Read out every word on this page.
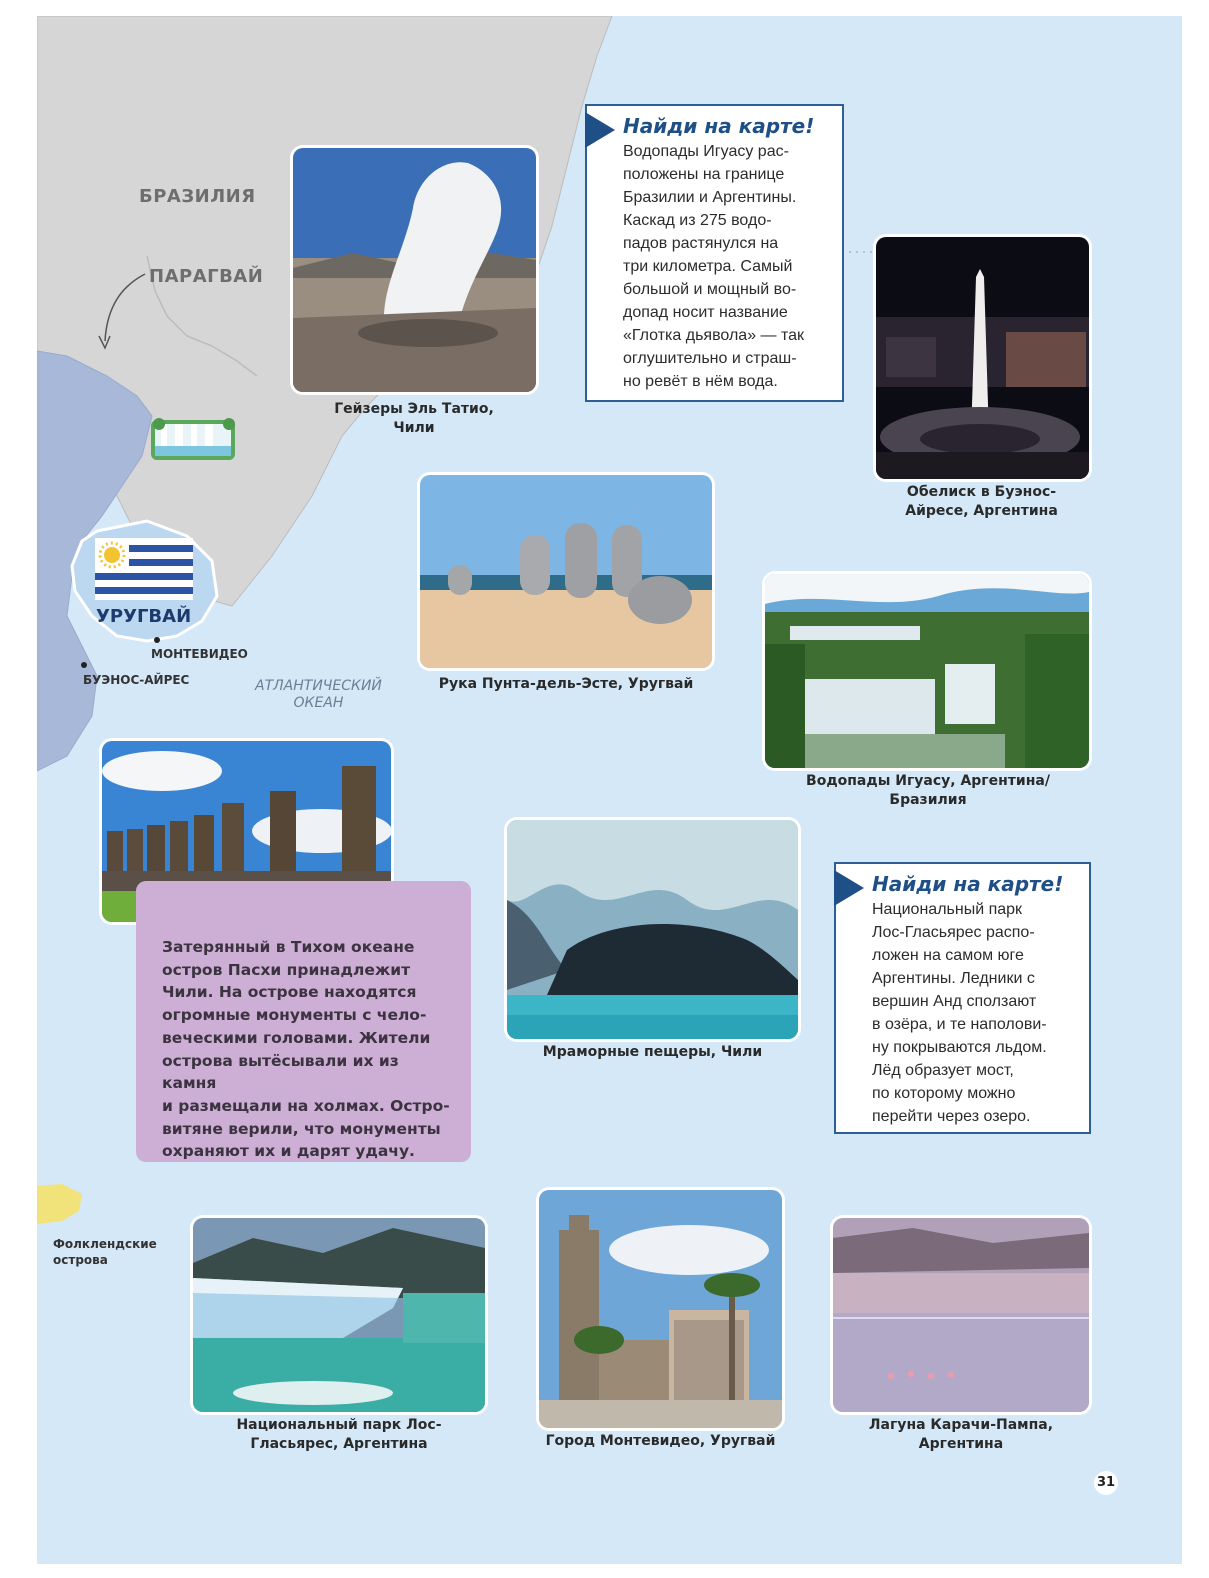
БРАЗИЛИЯ
ПАРАГВАЙ
УРУГВАЙ
МОНТЕВИДЕО
БУЭНОС-АЙРЕС	АТЛАНТИЧЕСКИЙ
ОКЕАН
Фолклендские
острова
Гейзеры Эль Татио,
Чили
Найди на карте!
Водопады Игуасу рас-
положены на границе
Бразилии и Аргентины.
Каскад из 275 водо-
падов растянулся на
три километра. Самый
большой и мощный во-
допад носит название
«Глотка дьявола» — так
оглушительно и страш-
но ревёт в нём вода.
Обелиск в Буэнос-
Айресе, Аргентина
Рука Пунта-дель-Эсте, Уругвай
Водопады Игуасу, Аргентина/
Бразилия
Затерянный в Тихом океане
остров Пасхи принадлежит
Чили. На острове находятся
огромные монументы с чело-
веческими головами. Жители
острова вытёсывали их из камня
и размещали на холмах. Остро-
витяне верили, что монументы
охраняют их и дарят удачу.
Мраморные пещеры, Чили
Найди на карте!
Национальный парк
Лос-Гласьярес распо-
ложен на самом юге
Аргентины. Ледники с
вершин Анд сползают
в озёра, и те наполови-
ну покрываются льдом.
Лёд образует мост,
по которому можно
перейти через озеро.
Национальный парк Лос-
Гласьярес, Аргентина	Город Монтевидео, Уругвай
Лагуна Карачи-Пампа,
Аргентина
31
